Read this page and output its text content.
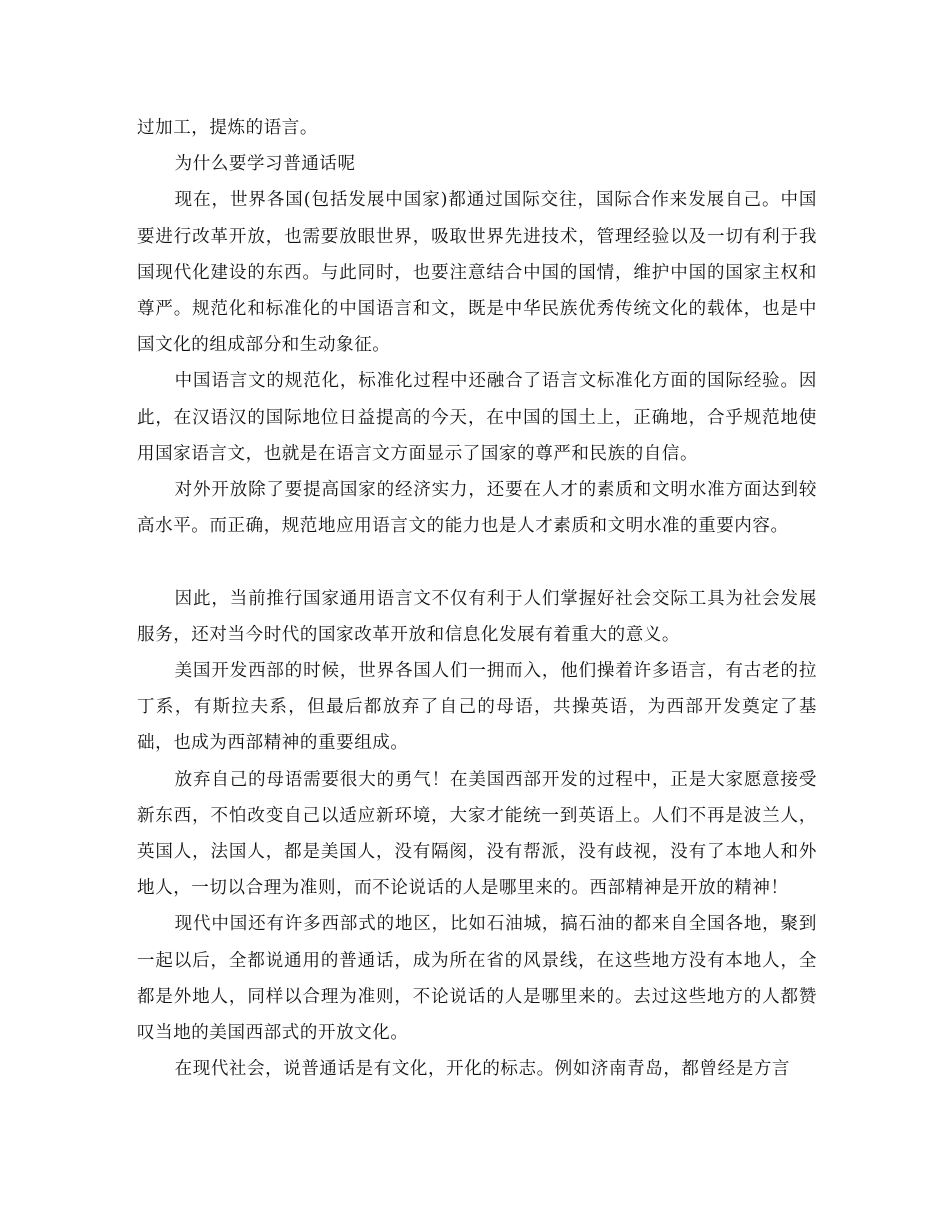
过加工，提炼的语言。

为什么要学习普通话呢

现在，世界各国(包括发展中国家)都通过国际交往，国际合作来发展自己。中国要进行改革开放，也需要放眼世界，吸取世界先进技术，管理经验以及一切有利于我国现代化建设的东西。与此同时，也要注意结合中国的国情，维护中国的国家主权和尊严。规范化和标准化的中国语言和文，既是中华民族优秀传统文化的载体，也是中国文化的组成部分和生动象征。

中国语言文的规范化，标准化过程中还融合了语言文标准化方面的国际经验。因此，在汉语汉的国际地位日益提高的今天，在中国的国土上，正确地，合乎规范地使用国家语言文，也就是在语言文方面显示了国家的尊严和民族的自信。

对外开放除了要提高国家的经济实力，还要在人才的素质和文明水准方面达到较高水平。而正确，规范地应用语言文的能力也是人才素质和文明水准的重要内容。

因此，当前推行国家通用语言文不仅有利于人们掌握好社会交际工具为社会发展服务，还对当今时代的国家改革开放和信息化发展有着重大的意义。

美国开发西部的时候，世界各国人们一拥而入，他们操着许多语言，有古老的拉丁系，有斯拉夫系，但最后都放弃了自己的母语，共操英语，为西部开发奠定了基础，也成为西部精神的重要组成。

放弃自己的母语需要很大的勇气！在美国西部开发的过程中，正是大家愿意接受新东西，不怕改变自己以适应新环境，大家才能统一到英语上。人们不再是波兰人，英国人，法国人，都是美国人，没有隔阂，没有帮派，没有歧视，没有了本地人和外地人，一切以合理为准则，而不论说话的人是哪里来的。西部精神是开放的精神！

现代中国还有许多西部式的地区，比如石油城，搞石油的都来自全国各地，聚到一起以后，全都说通用的普通话，成为所在省的风景线，在这些地方没有本地人，全都是外地人，同样以合理为准则，不论说话的人是哪里来的。去过这些地方的人都赞叹当地的美国西部式的开放文化。

在现代社会，说普通话是有文化，开化的标志。例如济南青岛，都曾经是方言
